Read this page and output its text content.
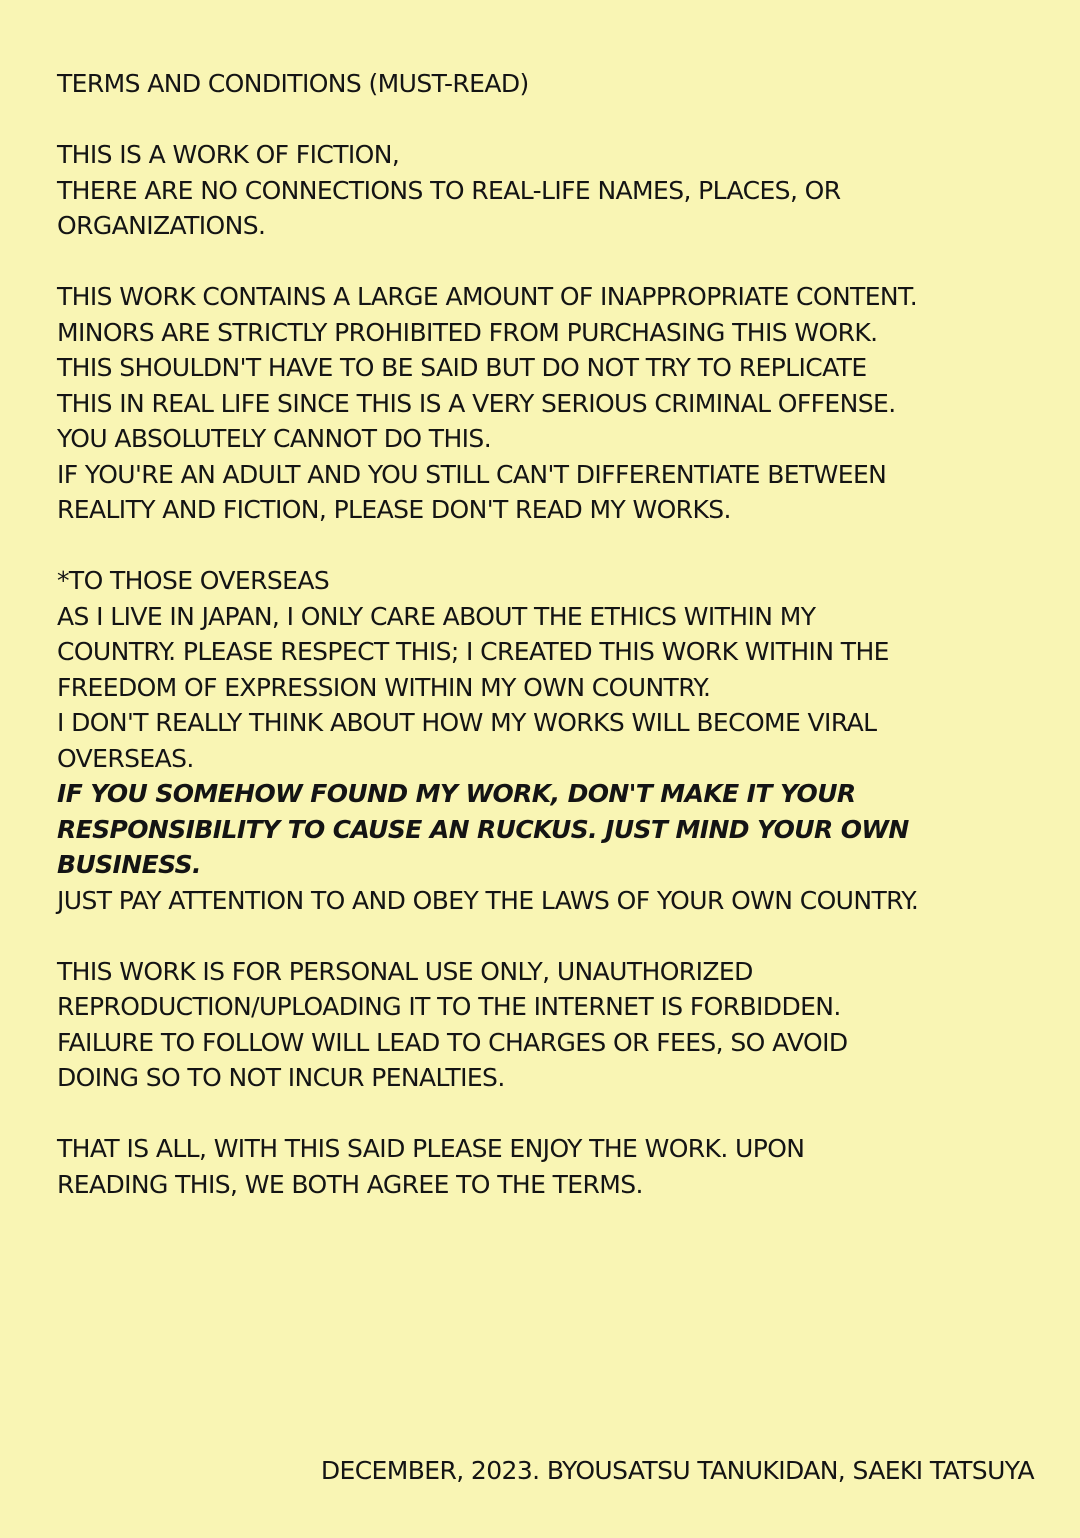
TERMS AND CONDITIONS (MUST-READ)
THIS IS A WORK OF FICTION,
THERE ARE NO CONNECTIONS TO REAL-LIFE NAMES, PLACES, OR
ORGANIZATIONS.
THIS WORK CONTAINS A LARGE AMOUNT OF INAPPROPRIATE CONTENT.
MINORS ARE STRICTLY PROHIBITED FROM PURCHASING THIS WORK.
THIS SHOULDN'T HAVE TO BE SAID BUT DO NOT TRY TO REPLICATE
THIS IN REAL LIFE SINCE THIS IS A VERY SERIOUS CRIMINAL OFFENSE.
YOU ABSOLUTELY CANNOT DO THIS.
IF YOU'RE AN ADULT AND YOU STILL CAN'T DIFFERENTIATE BETWEEN
REALITY AND FICTION, PLEASE DON'T READ MY WORKS.
*TO THOSE OVERSEAS
AS I LIVE IN JAPAN, I ONLY CARE ABOUT THE ETHICS WITHIN MY
COUNTRY. PLEASE RESPECT THIS; I CREATED THIS WORK WITHIN THE
FREEDOM OF EXPRESSION WITHIN MY OWN COUNTRY.
I DON'T REALLY THINK ABOUT HOW MY WORKS WILL BECOME VIRAL
OVERSEAS.
IF YOU SOMEHOW FOUND MY WORK, DON'T MAKE IT YOUR
RESPONSIBILITY TO CAUSE AN RUCKUS. JUST MIND YOUR OWN
BUSINESS.
JUST PAY ATTENTION TO AND OBEY THE LAWS OF YOUR OWN COUNTRY.
THIS WORK IS FOR PERSONAL USE ONLY, UNAUTHORIZED
REPRODUCTION/UPLOADING IT TO THE INTERNET IS FORBIDDEN.
FAILURE TO FOLLOW WILL LEAD TO CHARGES OR FEES, SO AVOID
DOING SO TO NOT INCUR PENALTIES.
THAT IS ALL, WITH THIS SAID PLEASE ENJOY THE WORK. UPON
READING THIS, WE BOTH AGREE TO THE TERMS.
DECEMBER, 2023. BYOUSATSU TANUKIDAN, SAEKI TATSUYA
